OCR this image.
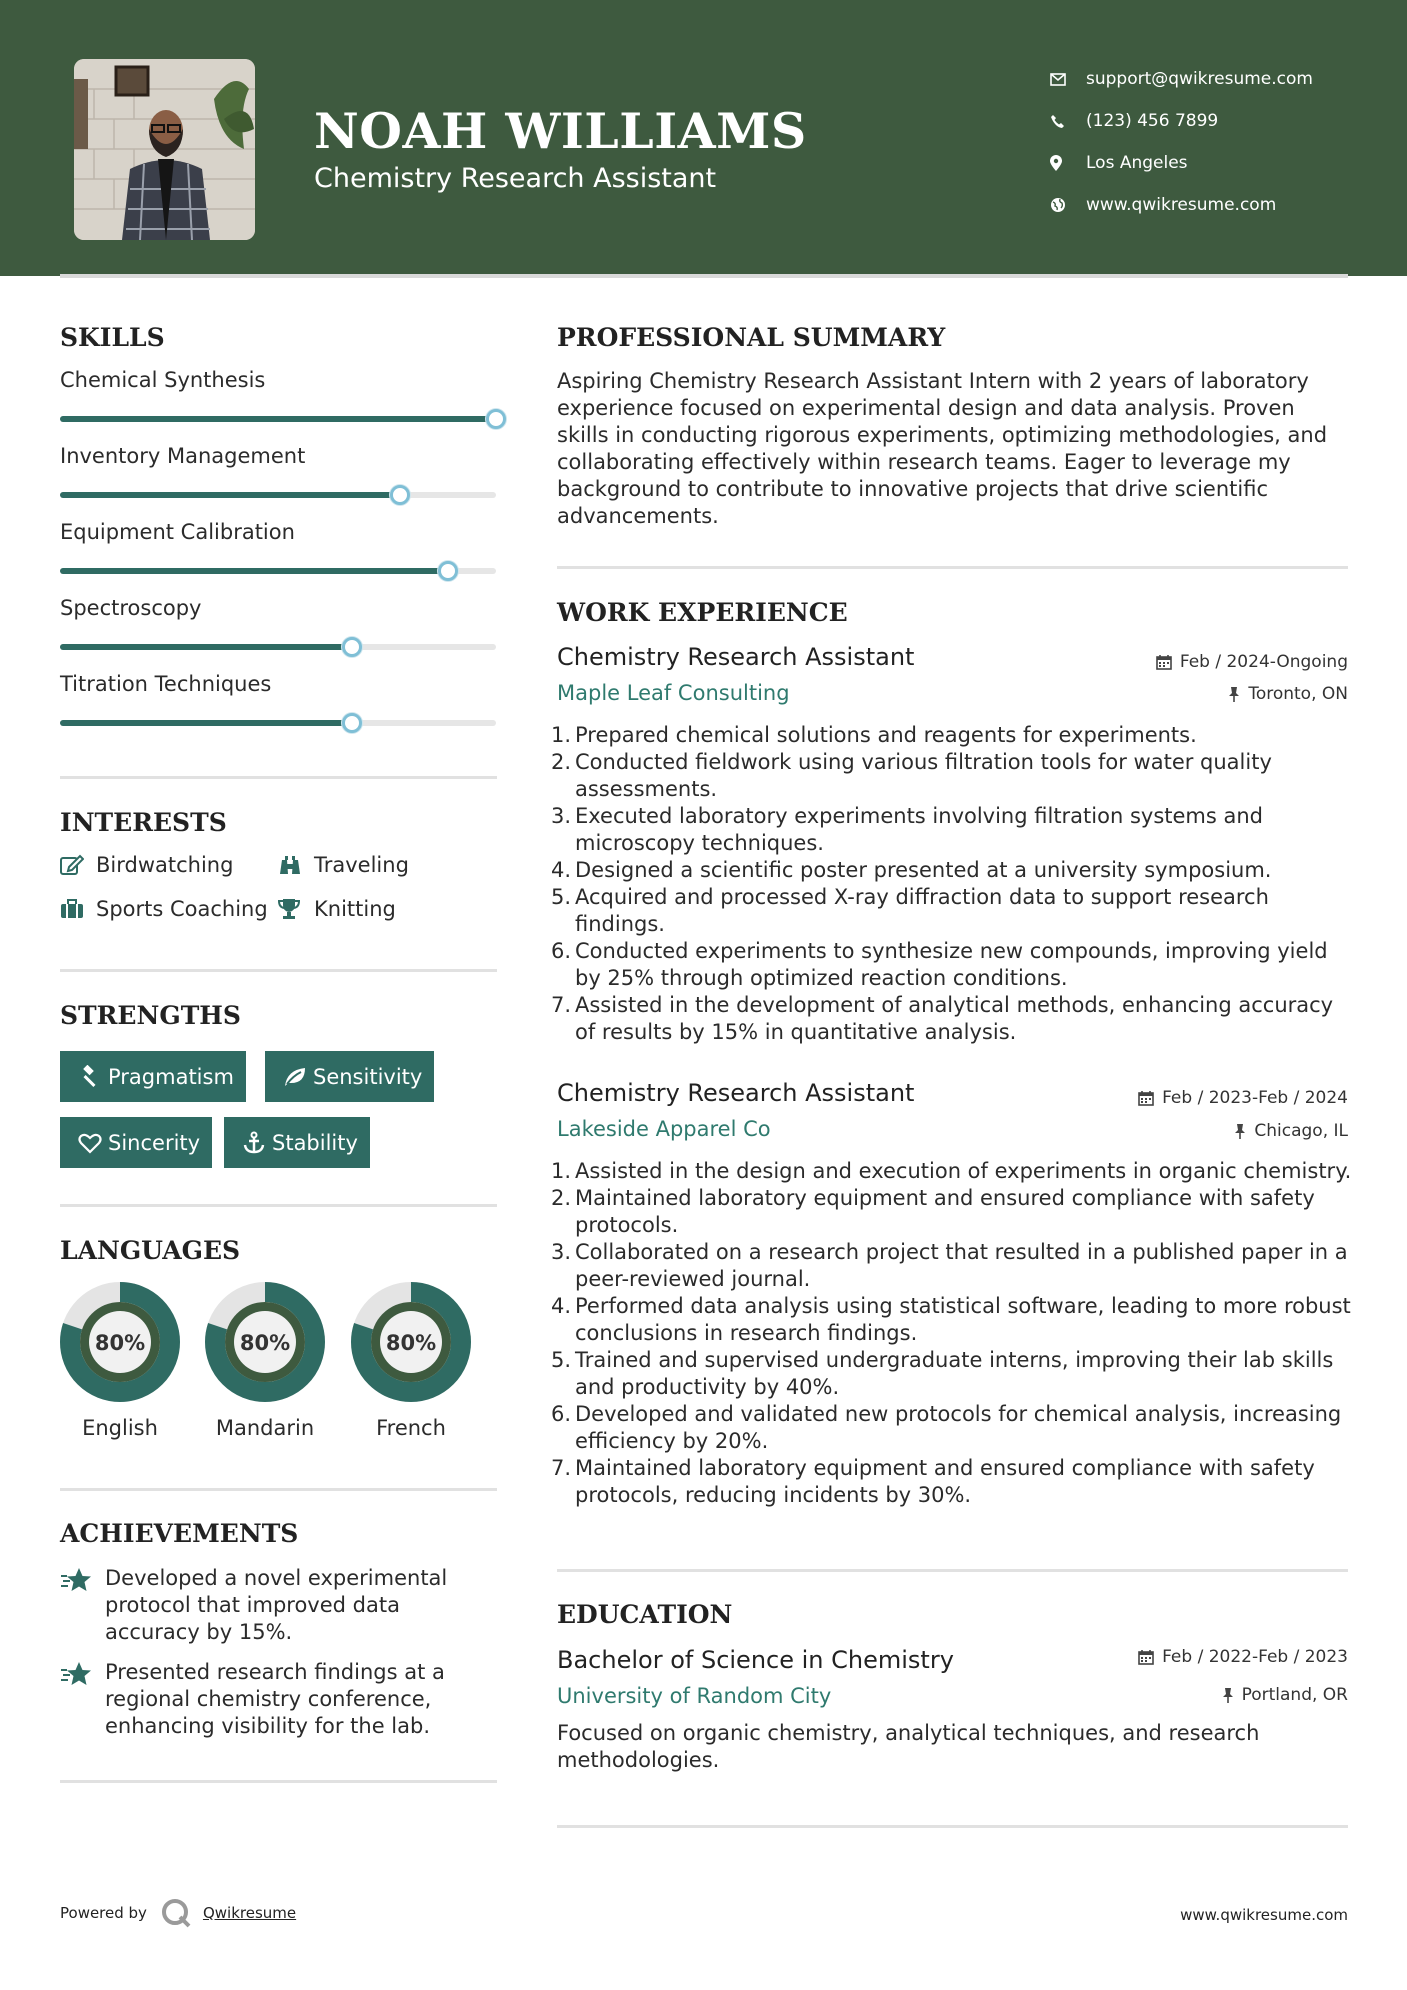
NOAH WILLIAMS
Chemistry Research Assistant
support@qwikresume.com
(123) 456 7899
Los Angeles
www.qwikresume.com
SKILLS
Chemical Synthesis
Inventory Management
Equipment Calibration
Spectroscopy
Titration Techniques
INTERESTS
Birdwatching	Traveling
Sports Coaching Knitting
STRENGTHS
Pragmatism	Sensitivity
Sincerity	Stability
LANGUAGES
80%
English
80%
Mandarin
80%
French
ACHIEVEMENTS
Developed a novel experimental protocol that improved data accuracy by 15%.
Presented research findings at a regional chemistry conference, enhancing visibility for the lab.
PROFESSIONAL SUMMARY
Aspiring Chemistry Research Assistant Intern with 2 years of laboratory experience focused on experimental design and data analysis. Proven skills in conducting rigorous experiments, optimizing methodologies, and collaborating effectively within research teams. Eager to leverage my background to contribute to innovative projects that drive scientific advancements.
WORK EXPERIENCE
Chemistry Research Assistant	Feb / 2024-Ongoing
Maple Leaf Consulting	Toronto, ON
1. Prepared chemical solutions and reagents for experiments.
2. Conducted fieldwork using various filtration tools for water quality assessments.
3. Executed laboratory experiments involving filtration systems and microscopy techniques.
4. Designed a scientific poster presented at a university symposium.
5. Acquired and processed X-ray diffraction data to support research findings.
6. Conducted experiments to synthesize new compounds, improving yield by 25% through optimized reaction conditions.
7. Assisted in the development of analytical methods, enhancing accuracy of results by 15% in quantitative analysis.
Chemistry Research Assistant	Feb / 2023-Feb / 2024
Lakeside Apparel Co	Chicago, IL
1. Assisted in the design and execution of experiments in organic chemistry.
2. Maintained laboratory equipment and ensured compliance with safety protocols.
3. Collaborated on a research project that resulted in a published paper in a peer-reviewed journal.
4. Performed data analysis using statistical software, leading to more robust conclusions in research findings.
5. Trained and supervised undergraduate interns, improving their lab skills and productivity by 40%.
6. Developed and validated new protocols for chemical analysis, increasing efficiency by 20%.
7. Maintained laboratory equipment and ensured compliance with safety protocols, reducing incidents by 30%.
EDUCATION
Bachelor of Science in Chemistry	Feb / 2022-Feb / 2023
University of Random City	Portland, OR
Focused on organic chemistry, analytical techniques, and research methodologies.
Powered by	Qwikresume	www.qwikresume.com
